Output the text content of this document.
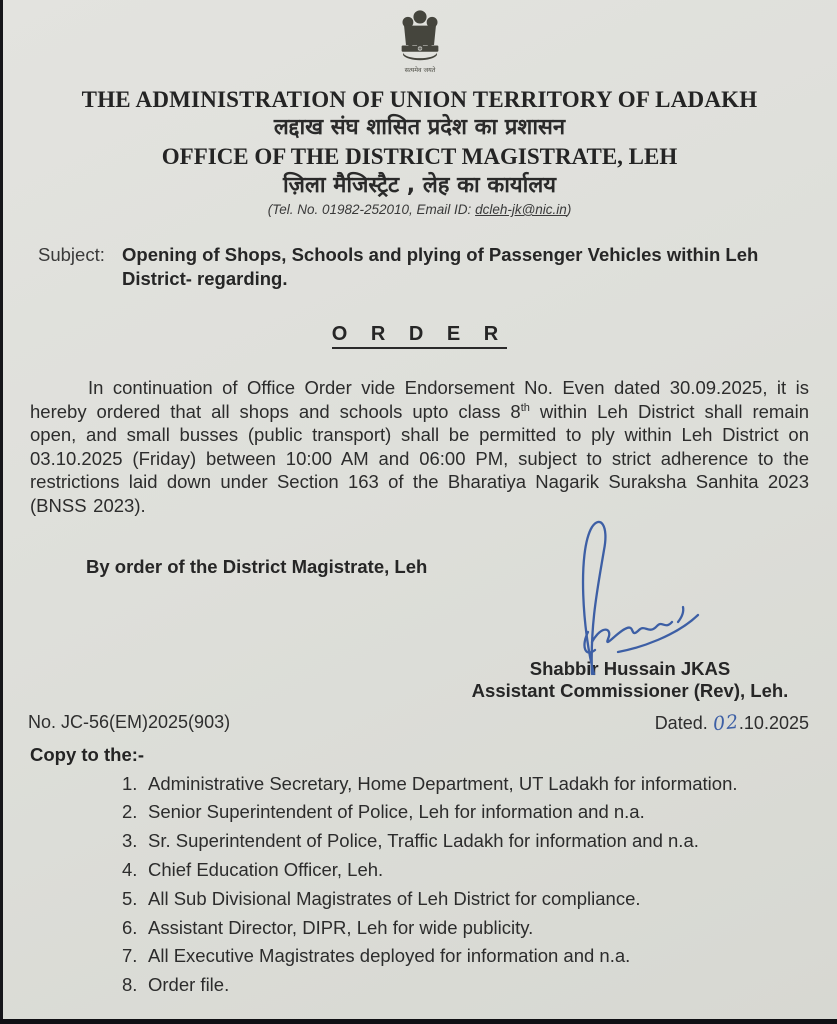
सत्यमेव जयते
THE ADMINISTRATION OF UNION TERRITORY OF LADAKH
लद्दाख संघ शासित प्रदेश का प्रशासन
OFFICE OF THE DISTRICT MAGISTRATE, LEH
ज़िला मैजिस्ट्रैट , लेह का कार्यालय
(Tel. No. 01982-252010, Email ID: dcleh-jk@nic.in)
Subject: Opening of Shops, Schools and plying of Passenger Vehicles within Leh District- regarding.
O R D E R
In continuation of Office Order vide Endorsement No. Even dated 30.09.2025, it is hereby ordered that all shops and schools upto class 8th within Leh District shall remain open, and small busses (public transport) shall be permitted to ply within Leh District on 03.10.2025 (Friday) between 10:00 AM and 06:00 PM, subject to strict adherence to the restrictions laid down under Section 163 of the Bharatiya Nagarik Suraksha Sanhita 2023 (BNSS 2023).
By order of the District Magistrate, Leh
Shabbir Hussain JKAS
Assistant Commissioner (Rev), Leh.
No. JC-56(EM)2025(903)	Dated. 02.10.2025
Copy to the:-
1. Administrative Secretary, Home Department, UT Ladakh for information.
2. Senior Superintendent of Police, Leh for information and n.a.
3. Sr. Superintendent of Police, Traffic Ladakh for information and n.a.
4. Chief Education Officer, Leh.
5. All Sub Divisional Magistrates of Leh District for compliance.
6. Assistant Director, DIPR, Leh for wide publicity.
7. All Executive Magistrates deployed for information and n.a.
8. Order file.
